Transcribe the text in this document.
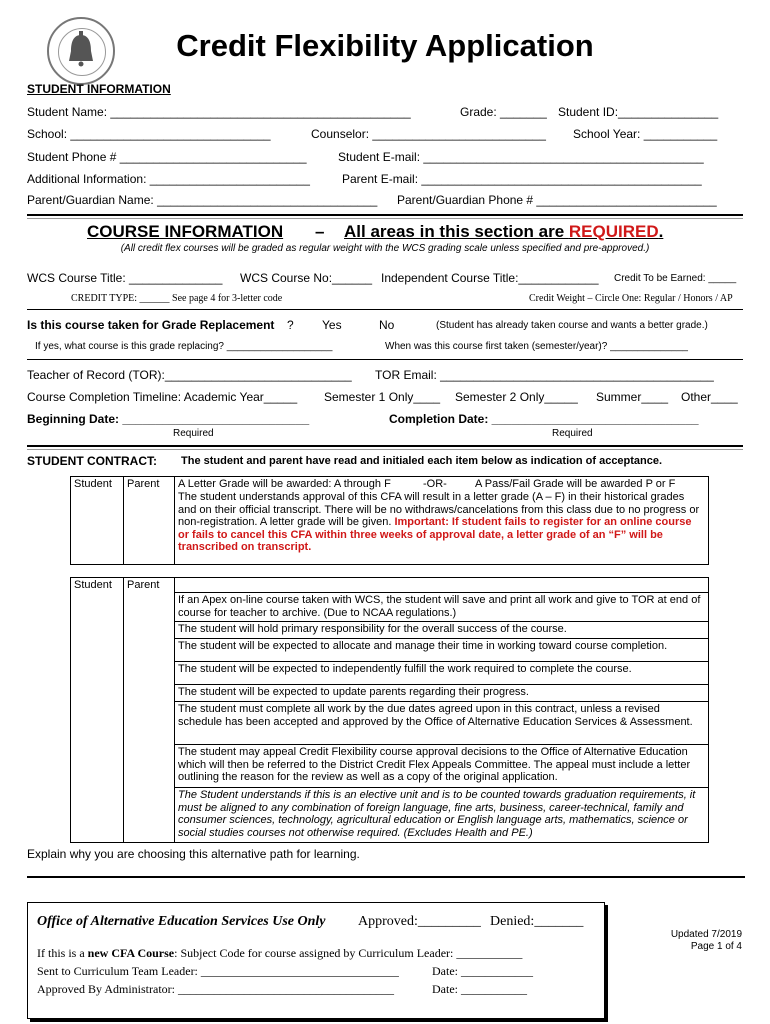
Credit Flexibility Application
STUDENT INFORMATION
Student Name: _____________________________________________	Grade: _______ Student ID:_______________
School: ______________________________	Counselor: __________________________ School Year: ___________
Student Phone # ____________________________	Student E-mail: __________________________________________
Additional Information: ________________________	Parent E-mail: __________________________________________
Parent/Guardian Name: _________________________________ Parent/Guardian Phone # ___________________________
COURSE INFORMATION – All areas in this section are REQUIRED.
(All credit flex courses will be graded as regular weight with the WCS grading scale unless specified and pre-approved.)
WCS Course Title: ______________ WCS Course No:______ Independent Course Title:____________ Credit To be Earned: _____
CREDIT TYPE: ______ See page 4 for 3-letter code	Credit Weight – Circle One: Regular / Honors / AP
Is this course taken for Grade Replacement ? Yes	No	(Student has already taken course and wants a better grade.)
If yes, what course is this grade replacing? ___________________	When was this course first taken (semester/year)? ______________
Teacher of Record (TOR):____________________________ TOR Email: _________________________________________
Course Completion Timeline: Academic Year_____ Semester 1 Only____ Semester 2 Only_____ Summer____ Other____
Beginning Date: ____________________________	Completion Date: _______________________________
Required	Required
STUDENT CONTRACT: The student and parent have read and initialed each item below as indication of acceptance.
Student	Parent	A Letter Grade will be awarded: A through F	-OR-	A Pass/Fail Grade will be awarded P or F
The student understands approval of this CFA will result in a letter grade (A – F) in their historical grades and on their official transcript. There will be no withdraws/cancelations from this class due to no progress or non-registration. A letter grade will be given. Important: If student fails to register for an online course or fails to cancel this CFA within three weeks of approval date, a letter grade of an “F” will be transcribed on transcript.
Student	Parent	
If an Apex on-line course taken with WCS, the student will save and print all work and give to TOR at end of course for teacher to archive. (Due to NCAA regulations.)
The student will hold primary responsibility for the overall success of the course.
The student will be expected to allocate and manage their time in working toward course completion.
The student will be expected to independently fulfill the work required to complete the course.
The student will be expected to update parents regarding their progress.
The student must complete all work by the due dates agreed upon in this contract, unless a revised schedule has been accepted and approved by the Office of Alternative Education Services & Assessment.
The student may appeal Credit Flexibility course approval decisions to the Office of Alternative Education which will then be referred to the District Credit Flex Appeals Committee. The appeal must include a letter outlining the reason for the review as well as a copy of the original application.
The Student understands if this is an elective unit and is to be counted towards graduation requirements, it must be aligned to any combination of foreign language, fine arts, business, career-technical, family and consumer sciences, technology, agricultural education or English language arts, mathematics, science or social studies courses not otherwise required. (Excludes Health and PE.)
Explain why you are choosing this alternative path for learning.
Office of Alternative Education Services Use Only Approved:_________ Denied:_______
If this is a new CFA Course: Subject Code for course assigned by Curriculum Leader: ___________
Sent to Curriculum Team Leader: _________________________________	Date: ____________
Approved By Administrator: ____________________________________	Date: ___________
Updated 7/2019
Page 1 of 4
